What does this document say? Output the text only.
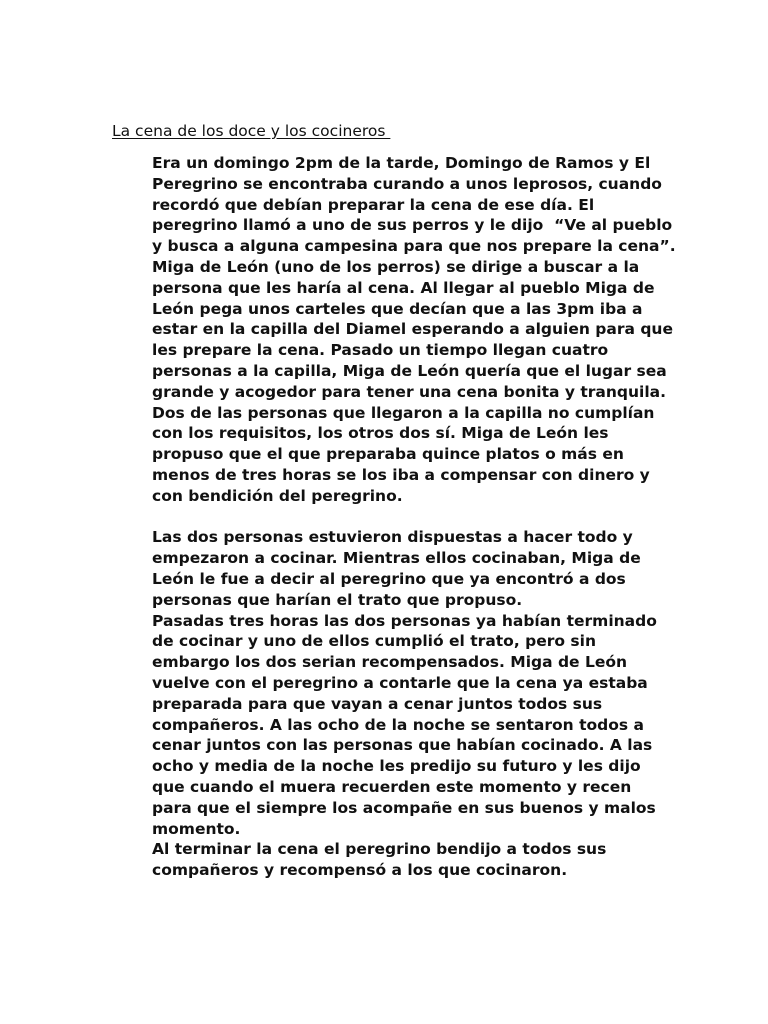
La cena de los doce y los cocineros
Era un domingo 2pm de la tarde, Domingo de Ramos y El
Peregrino se encontraba curando a unos leprosos, cuando
recordó que debían preparar la cena de ese día. El
peregrino llamó a uno de sus perros y le dijo  “Ve al pueblo
y busca a alguna campesina para que nos prepare la cena”.
Miga de León (uno de los perros) se dirige a buscar a la
persona que les haría al cena. Al llegar al pueblo Miga de
León pega unos carteles que decían que a las 3pm iba a
estar en la capilla del Diamel esperando a alguien para que
les prepare la cena. Pasado un tiempo llegan cuatro
personas a la capilla, Miga de León quería que el lugar sea
grande y acogedor para tener una cena bonita y tranquila.
Dos de las personas que llegaron a la capilla no cumplían
con los requisitos, los otros dos sí. Miga de León les
propuso que el que preparaba quince platos o más en
menos de tres horas se los iba a compensar con dinero y
con bendición del peregrino.
Las dos personas estuvieron dispuestas a hacer todo y
empezaron a cocinar. Mientras ellos cocinaban, Miga de
León le fue a decir al peregrino que ya encontró a dos
personas que harían el trato que propuso.
Pasadas tres horas las dos personas ya habían terminado
de cocinar y uno de ellos cumplió el trato, pero sin
embargo los dos serian recompensados. Miga de León
vuelve con el peregrino a contarle que la cena ya estaba
preparada para que vayan a cenar juntos todos sus
compañeros. A las ocho de la noche se sentaron todos a
cenar juntos con las personas que habían cocinado. A las
ocho y media de la noche les predijo su futuro y les dijo
que cuando el muera recuerden este momento y recen
para que el siempre los acompañe en sus buenos y malos
momento.
Al terminar la cena el peregrino bendijo a todos sus
compañeros y recompensó a los que cocinaron.
